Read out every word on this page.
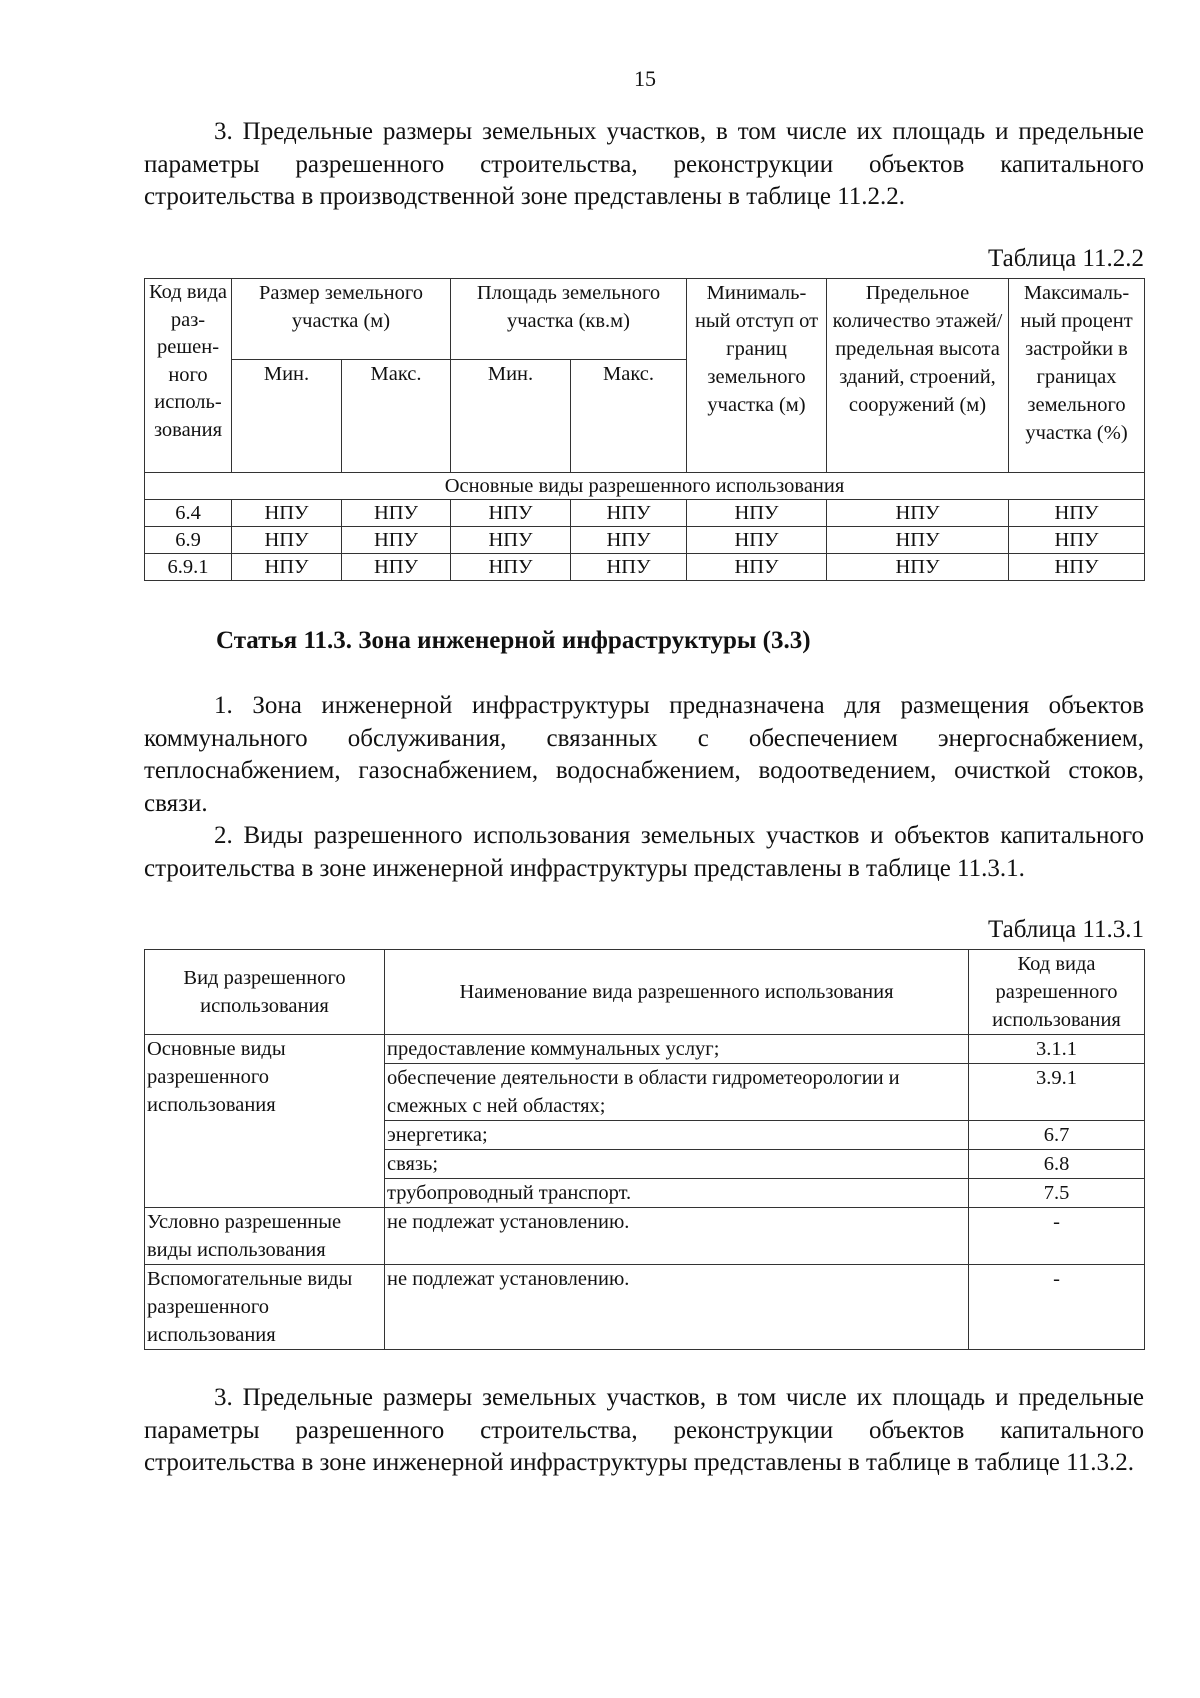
15
3. Предельные размеры земельных участков, в том числе их площадь и предельные параметры разрешенного строительства, реконструкции объектов капитального строительства в производственной зоне представлены в таблице 11.2.2.
Таблица 11.2.2
Код вида раз-решен-ного исполь-зования	Размер земельного участка (м)		Площадь земельного участка (кв.м)		Минималь-ный отступ от границ земельного участка (м)	Предельное количество этажей/ предельная высота зданий, строений, сооружений (м)	Максималь-ный процент застройки в границах земельного участка (%)
	Мин.	Макс.	Мин.	Макс.			
Основные виды разрешенного использования							
6.4	НПУ	НПУ	НПУ	НПУ	НПУ	НПУ	НПУ
6.9	НПУ	НПУ	НПУ	НПУ	НПУ	НПУ	НПУ
6.9.1	НПУ	НПУ	НПУ	НПУ	НПУ	НПУ	НПУ
Статья 11.3. Зона инженерной инфраструктуры (3.3)
1. Зона инженерной инфраструктуры предназначена для размещения объектов коммунального обслуживания, связанных с обеспечением энергоснабжением, теплоснабжением, газоснабжением, водоснабжением, водоотведением, очисткой стоков, связи.
2. Виды разрешенного использования земельных участков и объектов капитального строительства в зоне инженерной инфраструктуры представлены в таблице 11.3.1.
Таблица 11.3.1
Вид разрешенного использования	Наименование вида разрешенного использования	Код вида разрешенного использования
Основные виды разрешенного использования	предоставление коммунальных услуг;	3.1.1
	обеспечение деятельности в области гидрометеорологии и смежных с ней областях;	3.9.1
	энергетика;	6.7
	связь;	6.8
	трубопроводный транспорт.	7.5
Условно разрешенные виды использования	не подлежат установлению.	-
Вспомогательные виды разрешенного использования	не подлежат установлению.	-
3. Предельные размеры земельных участков, в том числе их площадь и предельные параметры разрешенного строительства, реконструкции объектов капитального строительства в зоне инженерной инфраструктуры представлены в таблице в таблице 11.3.2.
